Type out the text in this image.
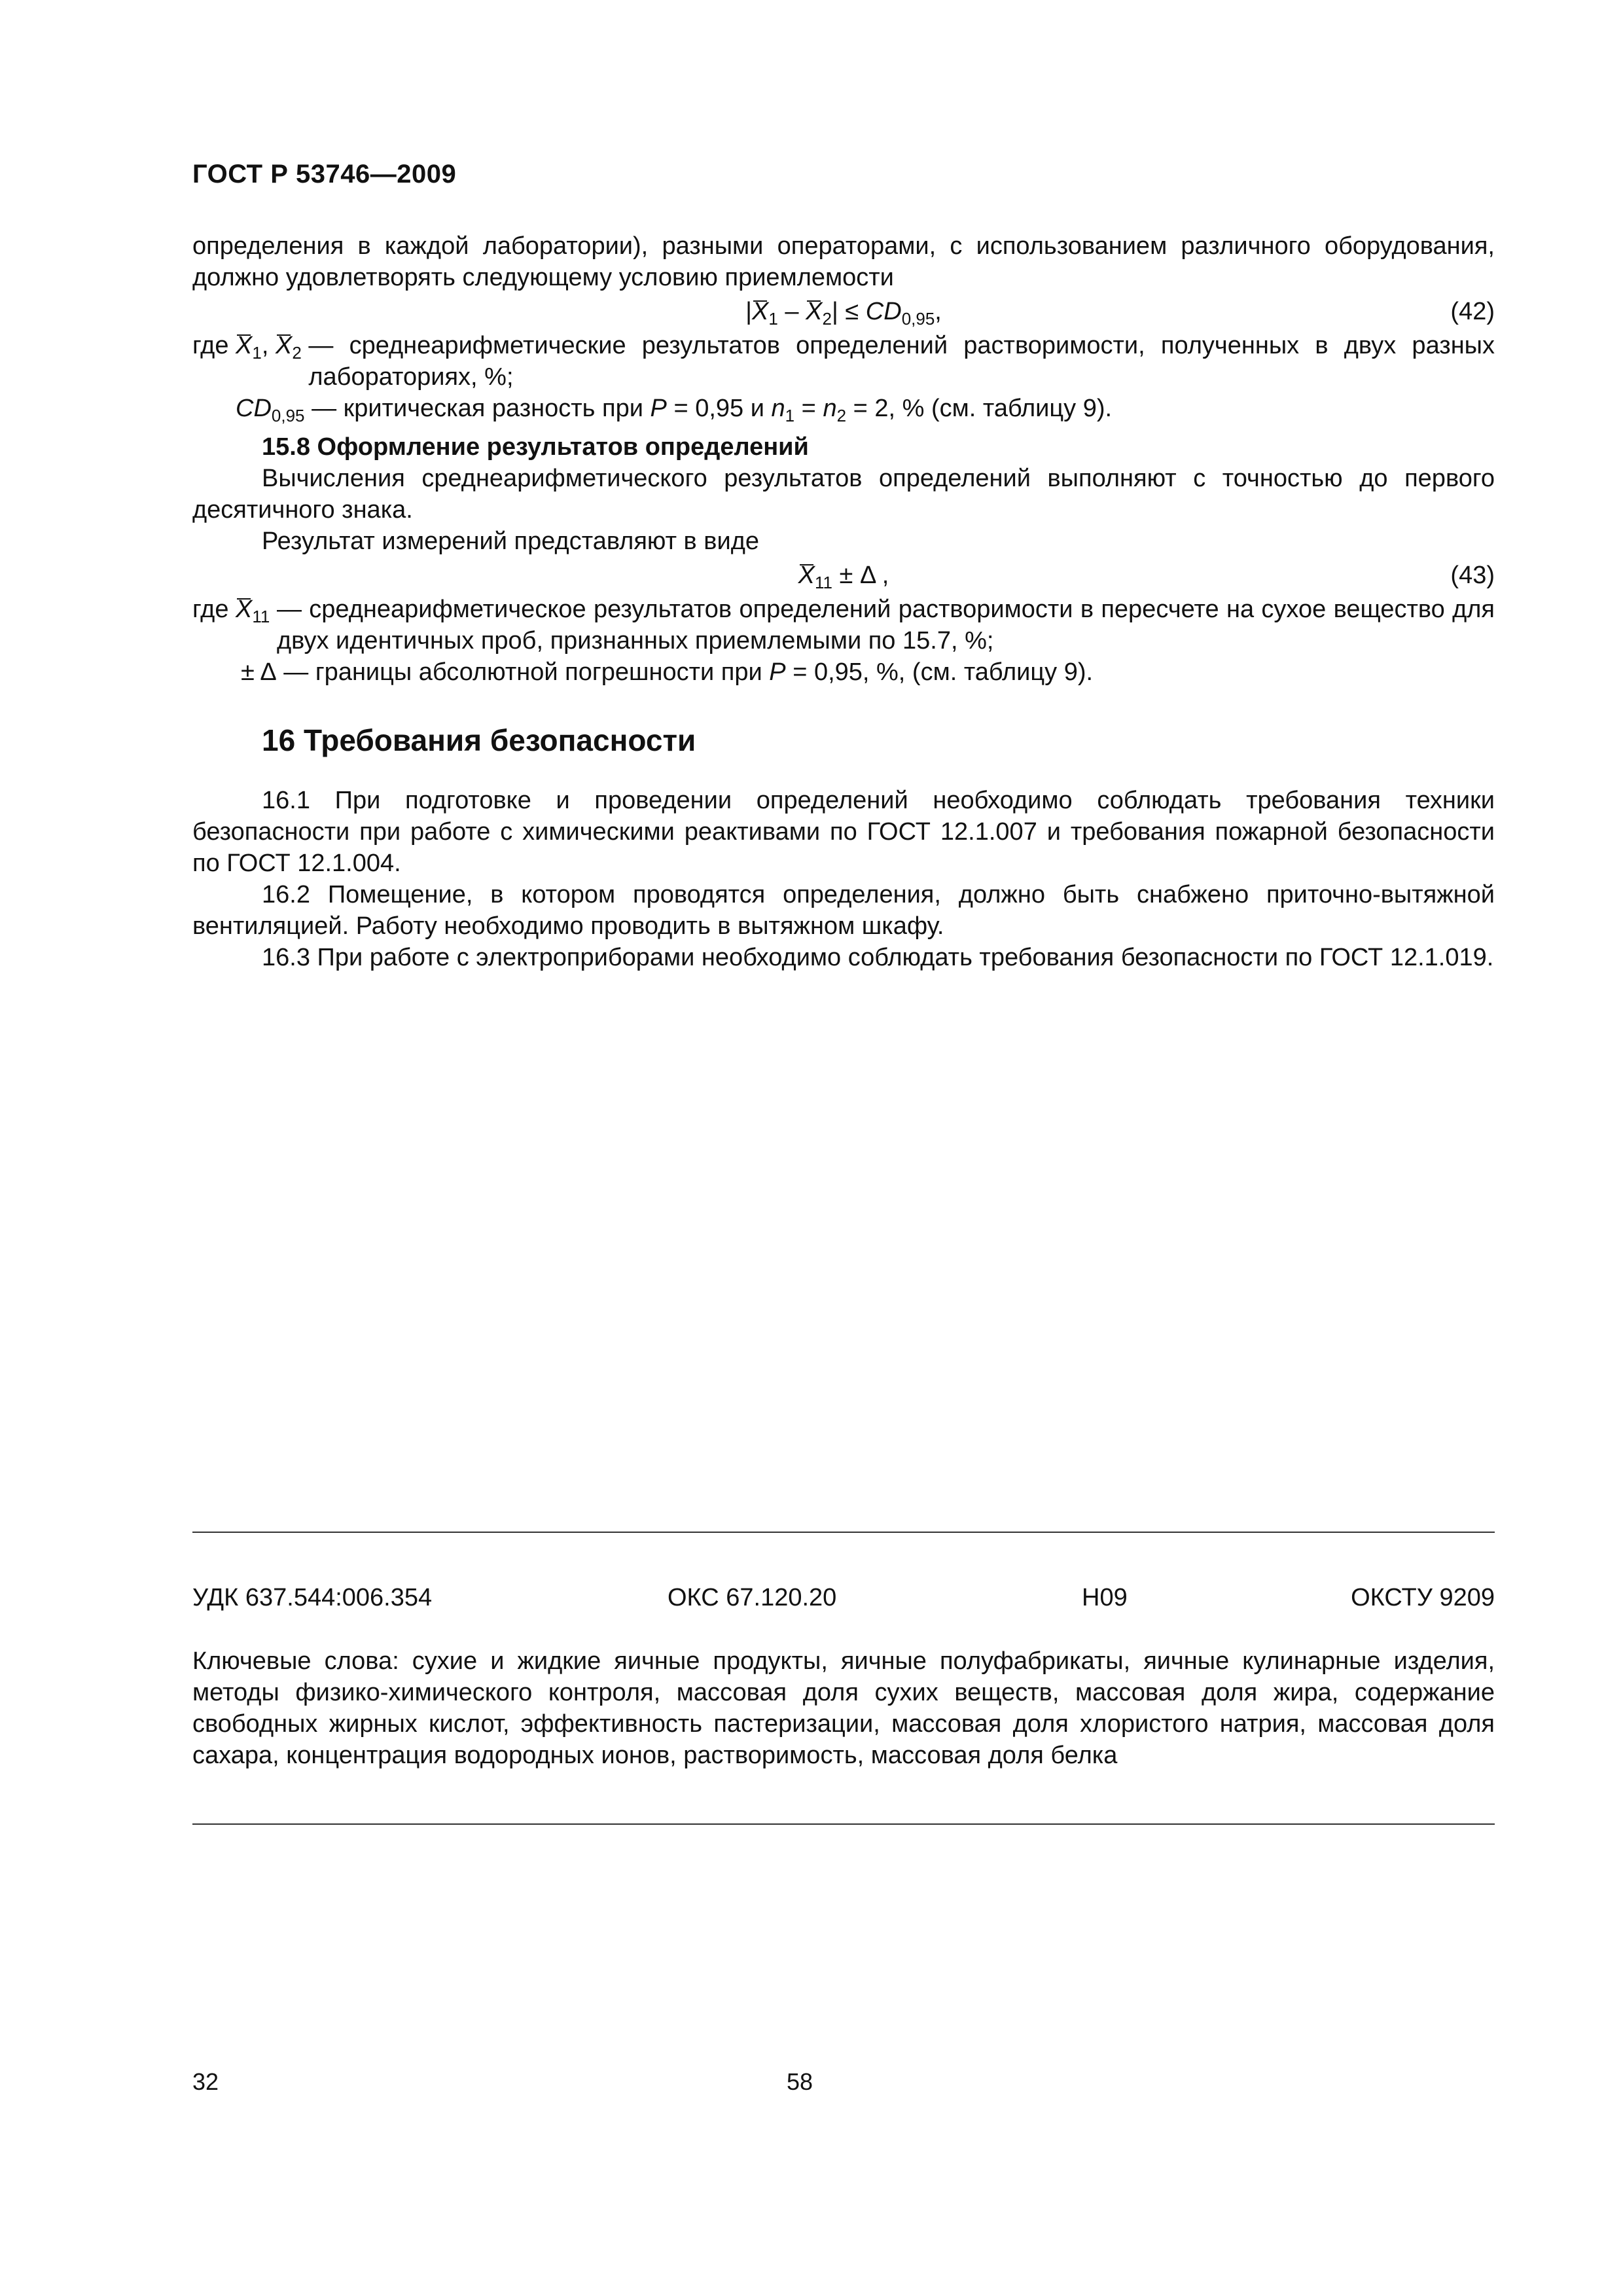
ГОСТ Р 53746—2009

определения в каждой лаборатории), разными операторами, с использованием различного оборудования, должно удовлетворять следующему условию приемлемости

$|X_1 - X_2| \le CD_{0,95}$,	(42)
где $X_1$, $X_2$ — среднеарифметические результатов определений растворимости, полученных в двух разных лабораториях, %;
$CD_{0,95}$ — критическая разность при P = 0,95 и $n_1 = n_2 = 2$, % (см. таблицу 9).
15.8 Оформление результатов определений

Вычисления среднеарифметического результатов определений выполняют с точностью до первого десятичного знака.

Результат измерений представляют в виде

$X_{11} \pm \Delta$ ,	(43)
где $X_{11}$ — среднеарифметическое результатов определений растворимости в пересчете на сухое вещество для двух идентичных проб, признанных приемлемыми по 15.7, %;
± Δ — границы абсолютной погрешности при P = 0,95, %, (см. таблицу 9).
16 Требования безопасности

16.1 При подготовке и проведении определений необходимо соблюдать требования техники безопасности при работе с химическими реактивами по ГОСТ 12.1.007 и требования пожарной безопасности по ГОСТ 12.1.004.

16.2 Помещение, в котором проводятся определения, должно быть снабжено приточно-вытяжной вентиляцией. Работу необходимо проводить в вытяжном шкафу.

16.3 При работе с электроприборами необходимо соблюдать требования безопасности по ГОСТ 12.1.019.

УДК 637.544:006.354	ОКС 67.120.20	Н09	ОКСТУ 9209
Ключевые слова: сухие и жидкие яичные продукты, яичные полуфабрикаты, яичные кулинарные изделия, методы физико-химического контроля, массовая доля сухих веществ, массовая доля жира, содержание свободных жирных кислот, эффективность пастеризации, массовая доля хлористого натрия, массовая доля сахара, концентрация водородных ионов, растворимость, массовая доля белка
32	58
